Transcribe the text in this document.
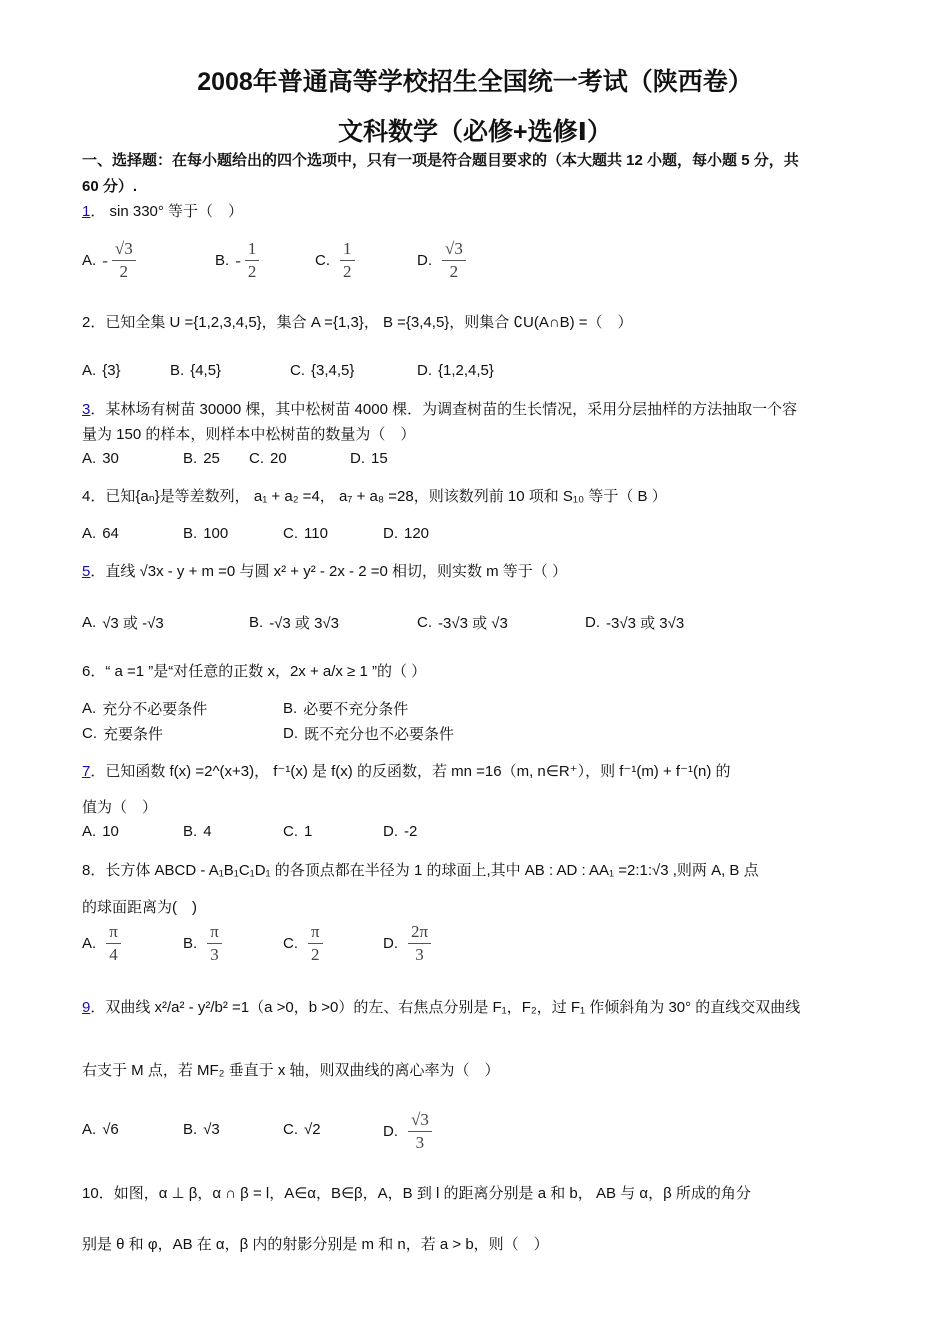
2008年普通高等学校招生全国统一考试（陕西卷）
文科数学（必修+选修Ⅰ）
一、选择题：在每小题给出的四个选项中，只有一项是符合题目要求的（本大题共 12 小题，每小题 5 分，共
60 分）.
1． sin 330° 等于（　）
A. - $\frac{√3}{2}$	B. - $\frac{1}{2}$	C. $\frac{1}{2}$	D. $\frac{√3}{2}$
2．已知全集 U ={1,2,3,4,5}，集合 A ={1,3}， B ={3,4,5}，则集合 ∁U(A∩B) =（　）
A. {3}	B. {4,5}	C. {3,4,5}	D. {1,2,4,5}
3．某林场有树苗 30000 棵，其中松树苗 4000 棵．为调查树苗的生长情况，采用分层抽样的方法抽取一个容
量为 150 的样本，则样本中松树苗的数量为（　）
A. 30	B. 25 C. 20	D. 15
4．已知{aₙ}是等差数列， a₁ + a₂ =4， a₇ + a₈ =28，则该数列前 10 项和 S₁₀ 等于（ B ）
A. 64	B. 100	C. 110	D. 120
5．直线 √3x - y + m =0 与圆 x² + y² - 2x - 2 =0 相切，则实数 m 等于（ ）
A. √3 或 -√3	B. -√3 或 3√3	C. -3√3 或 √3	D. -3√3 或 3√3
6．“ a =1 ”是“对任意的正数 x，2x + a/x ≥ 1 ”的（ ）
A. 充分不必要条件	B. 必要不充分条件
C. 充要条件	D. 既不充分也不必要条件
7．已知函数 f(x) =2^(x+3)， f⁻¹(x) 是 f(x) 的反函数，若 mn =16（m, n∈R⁺），则 f⁻¹(m) + f⁻¹(n) 的
值为（　）
A. 10	B. 4	C. 1	D. -2
8．长方体 ABCD - A₁B₁C₁D₁ 的各顶点都在半径为 1 的球面上,其中 AB : AD : AA₁ =2:1:√3 ,则两 A, B 点
的球面距离为(　)
A. $\frac{\pi}{4}$	B. $\frac{\pi}{3}$	C. $\frac{\pi}{2}$	D. $\frac{2\pi}{3}$
9．双曲线 x²/a² - y²/b² =1（a >0，b >0）的左、右焦点分别是 F₁，F₂，过 F₁ 作倾斜角为 30° 的直线交双曲线
右支于 M 点，若 MF₂ 垂直于 x 轴，则双曲线的离心率为（　）
A. √6	B. √3	C. √2	D. $\frac{√3}{3}$
10．如图，α ⊥ β，α ∩ β = l，A∈α，B∈β，A，B 到 l 的距离分别是 a 和 b， AB 与 α，β 所成的角分
别是 θ 和 φ，AB 在 α，β 内的射影分别是 m 和 n，若 a > b，则（　）
